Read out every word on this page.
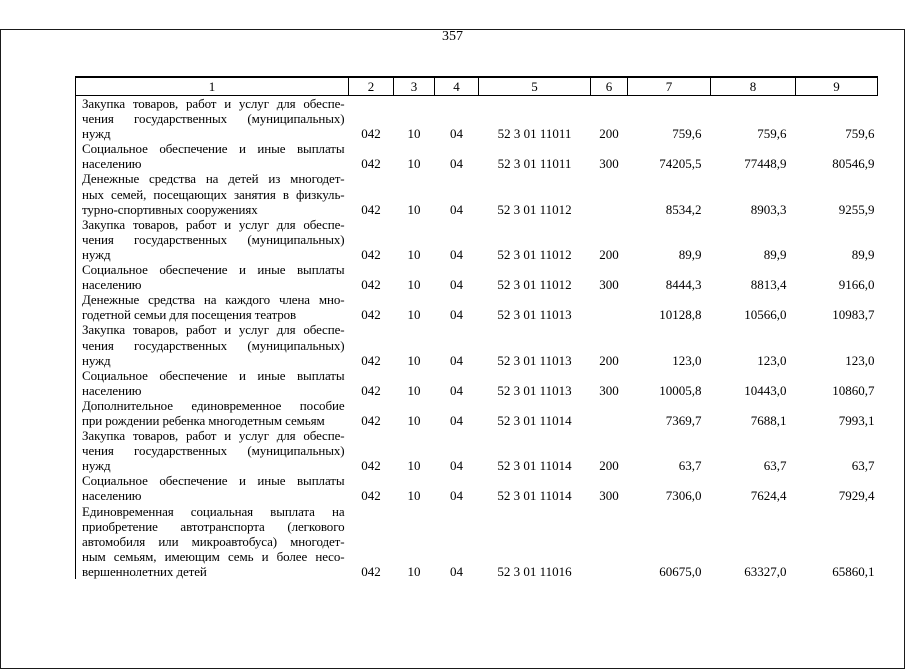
357
1	2	3	4	5	6	7	8	9

Закупка товаров, работ и услуг для обеспе-
чения государственных (муниципальных)
нужд	042	10	04	52 3 01 11011	200	759,6	759,6	759,6

Социальное обеспечение и иные выплаты
населению	042	10	04	52 3 01 11011	300	74205,5	77448,9	80546,9

Денежные средства на детей из многодет-
ных семей, посещающих занятия в физкуль-
турно-спортивных сооружениях	042	10	04	52 3 01 11012		8534,2	8903,3	9255,9

Закупка товаров, работ и услуг для обеспе-
чения государственных (муниципальных)
нужд	042	10	04	52 3 01 11012	200	89,9	89,9	89,9

Социальное обеспечение и иные выплаты
населению	042	10	04	52 3 01 11012	300	8444,3	8813,4	9166,0

Денежные средства на каждого члена мно-
годетной семьи для посещения театров	042	10	04	52 3 01 11013		10128,8	10566,0	10983,7

Закупка товаров, работ и услуг для обеспе-
чения государственных (муниципальных)
нужд	042	10	04	52 3 01 11013	200	123,0	123,0	123,0

Социальное обеспечение и иные выплаты
населению	042	10	04	52 3 01 11013	300	10005,8	10443,0	10860,7

Дополнительное единовременное пособие
при рождении ребенка многодетным семьям	042	10	04	52 3 01 11014		7369,7	7688,1	7993,1

Закупка товаров, работ и услуг для обеспе-
чения государственных (муниципальных)
нужд	042	10	04	52 3 01 11014	200	63,7	63,7	63,7

Социальное обеспечение и иные выплаты
населению	042	10	04	52 3 01 11014	300	7306,0	7624,4	7929,4

Единовременная социальная выплата на
приобретение автотранспорта (легкового
автомобиля или микроавтобуса) многодет-
ным семьям, имеющим семь и более несо-
вершеннолетних детей	042	10	04	52 3 01 11016		60675,0	63327,0	65860,1
